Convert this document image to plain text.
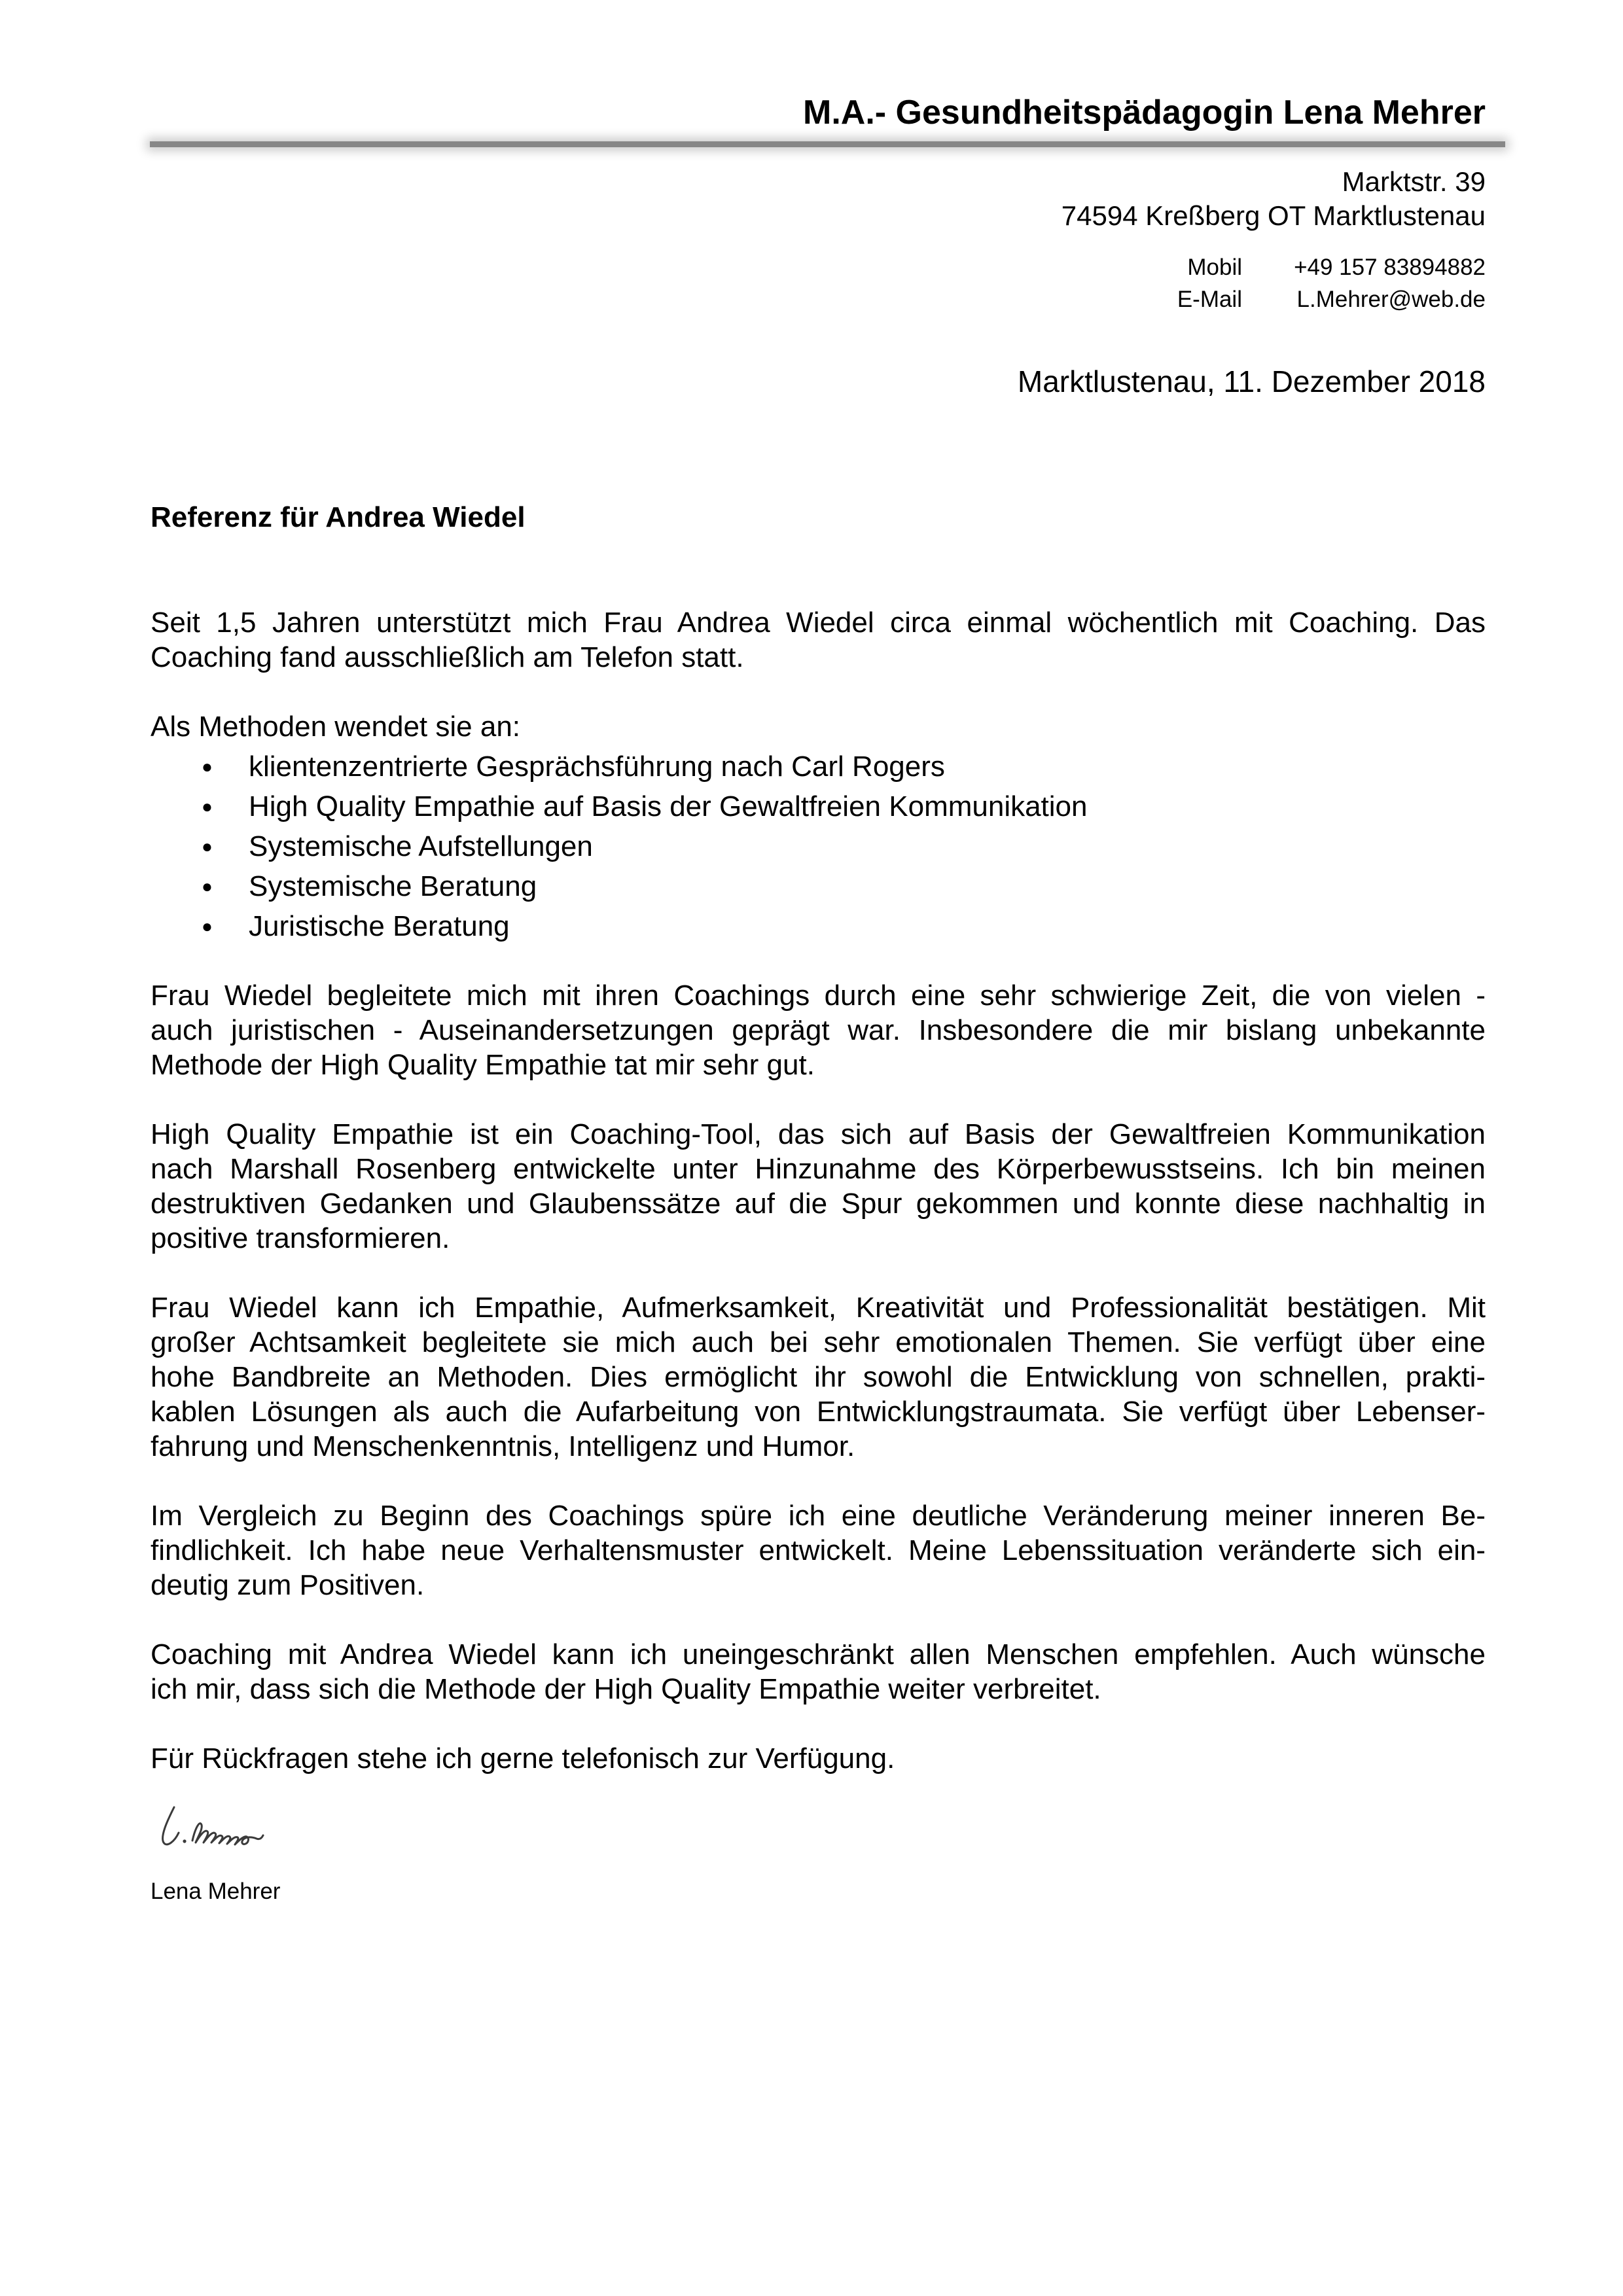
M.A.- Gesundheitspädagogin Lena Mehrer
Marktstr. 39
74594 Kreßberg OT Marktlustenau
Mobil	+49 157 83894882
E-Mail	L.Mehrer@web.de
Marktlustenau, 11. Dezember 2018
Referenz für Andrea Wiedel
Seit 1,5 Jahren unterstützt mich Frau Andrea Wiedel circa einmal wöchentlich mit Coaching. Das
Coaching fand ausschließlich am Telefon statt.
Als Methoden wendet sie an:
●	klientenzentrierte Gesprächsführung nach Carl Rogers
●	High Quality Empathie auf Basis der Gewaltfreien Kommunikation
●	Systemische Aufstellungen
●	Systemische Beratung
●	Juristische Beratung
Frau Wiedel begleitete mich mit ihren Coachings durch eine sehr schwierige Zeit, die von vielen -
auch juristischen - Auseinandersetzungen geprägt war. Insbesondere die mir bislang unbekannte
Methode der High Quality Empathie tat mir sehr gut.
High Quality Empathie ist ein Coaching-Tool, das sich auf Basis der Gewaltfreien Kommunikation
nach Marshall Rosenberg entwickelte unter Hinzunahme des Körperbewusstseins. Ich bin meinen
destruktiven Gedanken und Glaubenssätze auf die Spur gekommen und konnte diese nachhaltig in
positive transformieren.
Frau Wiedel kann ich Empathie, Aufmerksamkeit, Kreativität und Professionalität bestätigen. Mit
großer Achtsamkeit begleitete sie mich auch bei sehr emotionalen Themen. Sie verfügt über eine
hohe Bandbreite an Methoden. Dies ermöglicht ihr sowohl die Entwicklung von schnellen, prakti-
kablen Lösungen als auch die Aufarbeitung von Entwicklungstraumata. Sie verfügt über Lebenser-
fahrung und Menschenkenntnis, Intelligenz und Humor.
Im Vergleich zu Beginn des Coachings spüre ich eine deutliche Veränderung meiner inneren Be-
findlichkeit. Ich habe neue Verhaltensmuster entwickelt. Meine Lebenssituation veränderte sich ein-
deutig zum Positiven.
Coaching mit Andrea Wiedel kann ich uneingeschränkt allen Menschen empfehlen. Auch wünsche
ich mir, dass sich die Methode der High Quality Empathie weiter verbreitet.
Für Rückfragen stehe ich gerne telefonisch zur Verfügung.
Lena Mehrer
